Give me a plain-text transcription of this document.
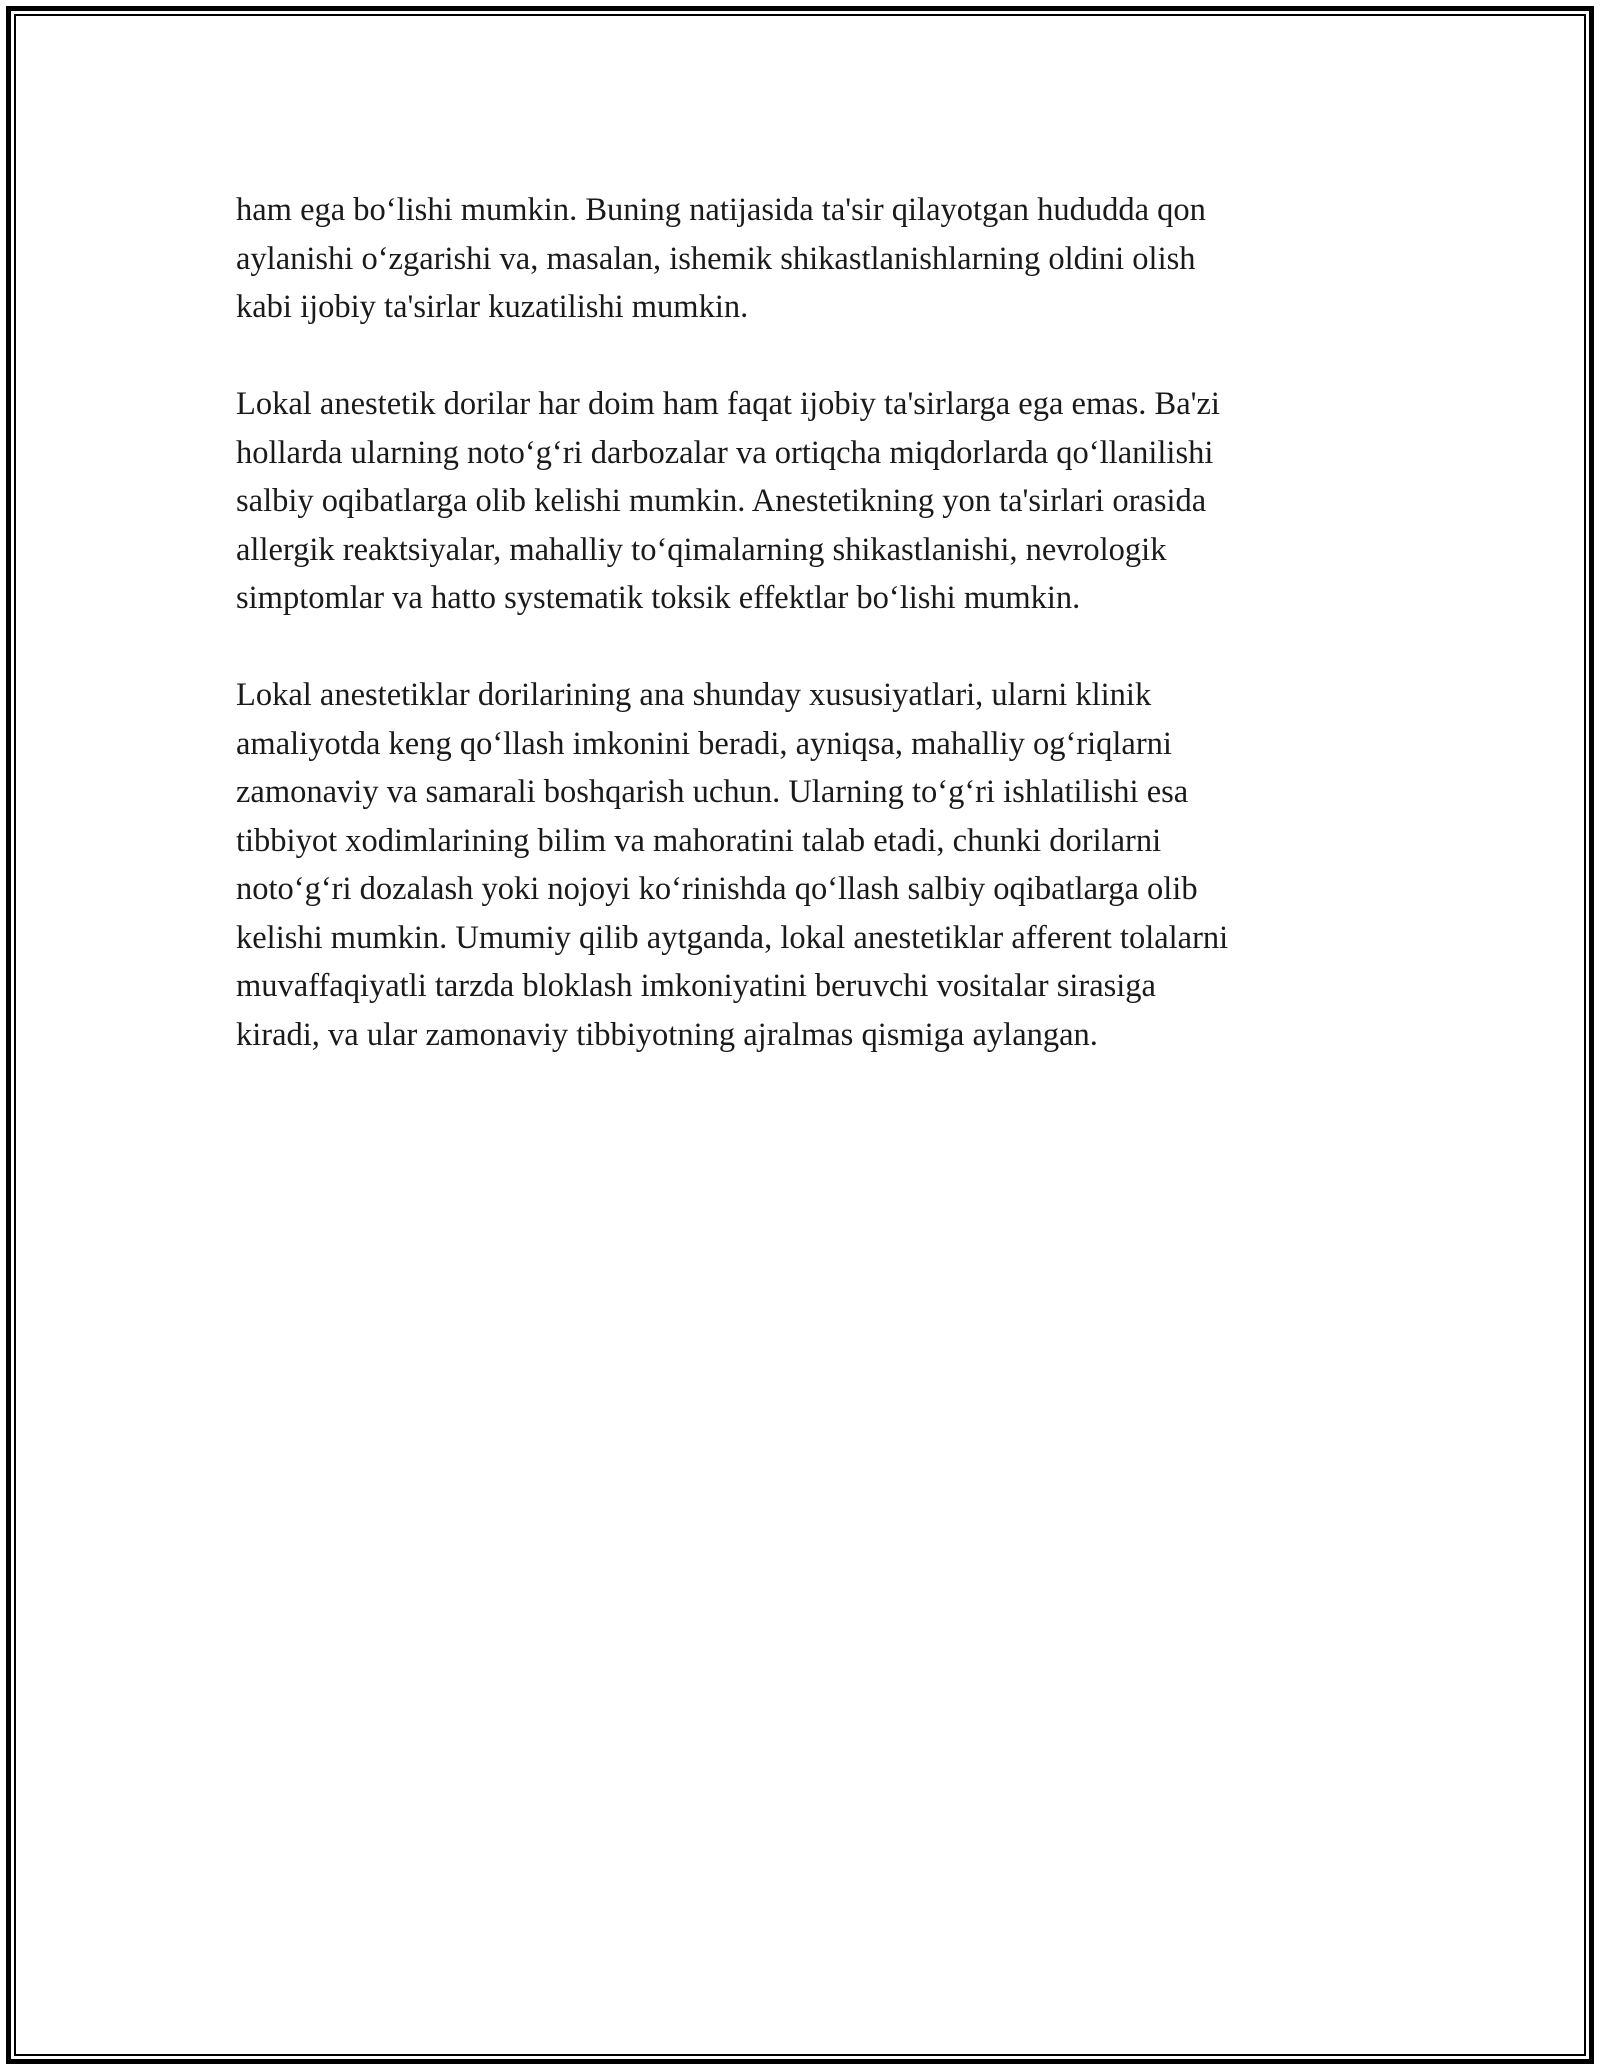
ham ega bo‘lishi mumkin. Buning natijasida ta'sir qilayotgan hududda qon
aylanishi o‘zgarishi va, masalan, ishemik shikastlanishlarning oldini olish
kabi ijobiy ta'sirlar kuzatilishi mumkin.

Lokal anestetik dorilar har doim ham faqat ijobiy ta'sirlarga ega emas. Ba'zi
hollarda ularning noto‘g‘ri darbozalar va ortiqcha miqdorlarda qo‘llanilishi
salbiy oqibatlarga olib kelishi mumkin. Anestetikning yon ta'sirlari orasida
allergik reaktsiyalar, mahalliy to‘qimalarning shikastlanishi, nevrologik
simptomlar va hatto systematik toksik effektlar bo‘lishi mumkin.

Lokal anestetiklar dorilarining ana shunday xususiyatlari, ularni klinik
amaliyotda keng qo‘llash imkonini beradi, ayniqsa, mahalliy og‘riqlarni
zamonaviy va samarali boshqarish uchun. Ularning to‘g‘ri ishlatilishi esa
tibbiyot xodimlarining bilim va mahoratini talab etadi, chunki dorilarni
noto‘g‘ri dozalash yoki nojoyi ko‘rinishda qo‘llash salbiy oqibatlarga olib
kelishi mumkin. Umumiy qilib aytganda, lokal anestetiklar afferent tolalarni
muvaffaqiyatli tarzda bloklash imkoniyatini beruvchi vositalar sirasiga
kiradi, va ular zamonaviy tibbiyotning ajralmas qismiga aylangan.
